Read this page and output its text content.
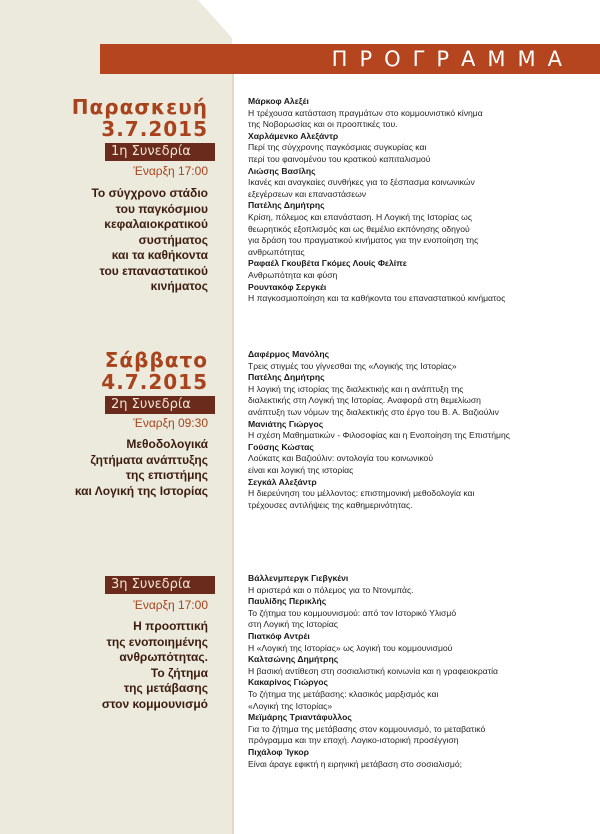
ΠΡΟΓΡΑΜΜΑ
Παρασκευή
3.7.2015
1η Συνεδρία
Έναρξη 17:00
Το σύγχρονο στάδιο
του παγκόσμιου
κεφαλαιοκρατικού
συστήματος
και τα καθήκοντα
του επαναστατικού
κινήματος
Μάρκοφ Αλεξέι
Η τρέχουσα κατάσταση πραγμάτων στο κομμουνιστικό κίνημα
της Νοβορωσίας και οι προοπτικές του.
Χαρλάμενκο Αλεξάντρ
Περί της σύγχρονης παγκόσμιας συγκυρίας και
περί του φαινομένου του κρατικού καπιταλισμού
Λιώσης Βασίλης
Ικανές και αναγκαίες συνθήκες για το ξέσπασμα κοινωνικών
εξεγέρσεων και επαναστάσεων
Πατέλης Δημήτρης
Κρίση, πόλεμος και επανάσταση. Η Λογική της Ιστορίας ως
θεωρητικός εξοπλισμός και ως θεμέλιο εκπόνησης οδηγού
για δράση του πραγματικού κινήματος για την ενοποίηση της
ανθρωπότητας
Ραφαέλ Γκουβέτα Γκόμες Λουίς Φελίπε
Ανθρωπότητα και φύση
Ρουντακόφ Σεργκέι
Η παγκοσμιοποίηση και τα καθήκοντα του επαναστατικού κινήματος
Σάββατο
4.7.2015
2η Συνεδρία
Έναρξη 09:30
Μεθοδολογικά
ζητήματα ανάπτυξης
της επιστήμης
και Λογική της Ιστορίας
Δαφέρμος Μανόλης
Τρεις στιγμές του γίγνεσθαι της «Λογικής της Ιστορίας»
Πατέλης Δημήτρης
Η λογική της ιστορίας της διαλεκτικής και η ανάπτυξη της
διαλεκτικής στη Λογική της Ιστορίας. Αναφορά στη θεμελίωση
ανάπτυξη των νόμων της διαλεκτικής στο έργο του Β. Α. Βαζιούλιν
Μανιάτης Γιώργος
Η σχέση Μαθηματικών - Φιλοσοφίας και η Ενοποίηση της Επιστήμης
Γούσης Κώστας
Λούκατς και Βαζιούλιν: οντολογία του κοινωνικού
είναι και λογική της ιστορίας
Σεγκάλ Αλεξάντρ
Η διερεύνηση του μέλλοντος: επιστημονική μεθοδολογία και
τρέχουσες αντιλήψεις της καθημερινότητας.
3η Συνεδρία
Έναρξη 17:00
Η προοπτική
της ενοποιημένης
ανθρωπότητας.
Το ζήτημα
της μετάβασης
στον κομμουνισμό
Βάλλενμπεργκ Γιεβγκένι
Η αριστερά και ο πόλεμος για το Ντονμπάς.
Παυλίδης Περικλής
Το ζήτημα του κομμουνισμού: από τον Ιστορικό Υλισμό
στη Λογική της Ιστορίας
Πιατκόφ Αντρέι
Η «Λογική της Ιστορίας» ως λογική του κομμουνισμού
Καλτσώνης Δημήτρης
Η βασική αντίθεση στη σοσιαλιστική κοινωνία και η γραφειοκρατία
Κακαρίνος Γιώργος
Το ζήτημα της μετάβασης: κλασικός μαρξισμός και
«Λογική της Ιστορίας»
Μεϊμάρης Τριαντάφυλλος
Για το ζήτημα της μετάβασης στον κομμουνισμό, το μεταβατικό
πρόγραμμα και την εποχή. Λογικο-ιστορική προσέγγιση
Πιχάλοφ Ίγκορ
Είναι άραγε εφικτή η ειρηνική μετάβαση στο σοσιαλισμό;
